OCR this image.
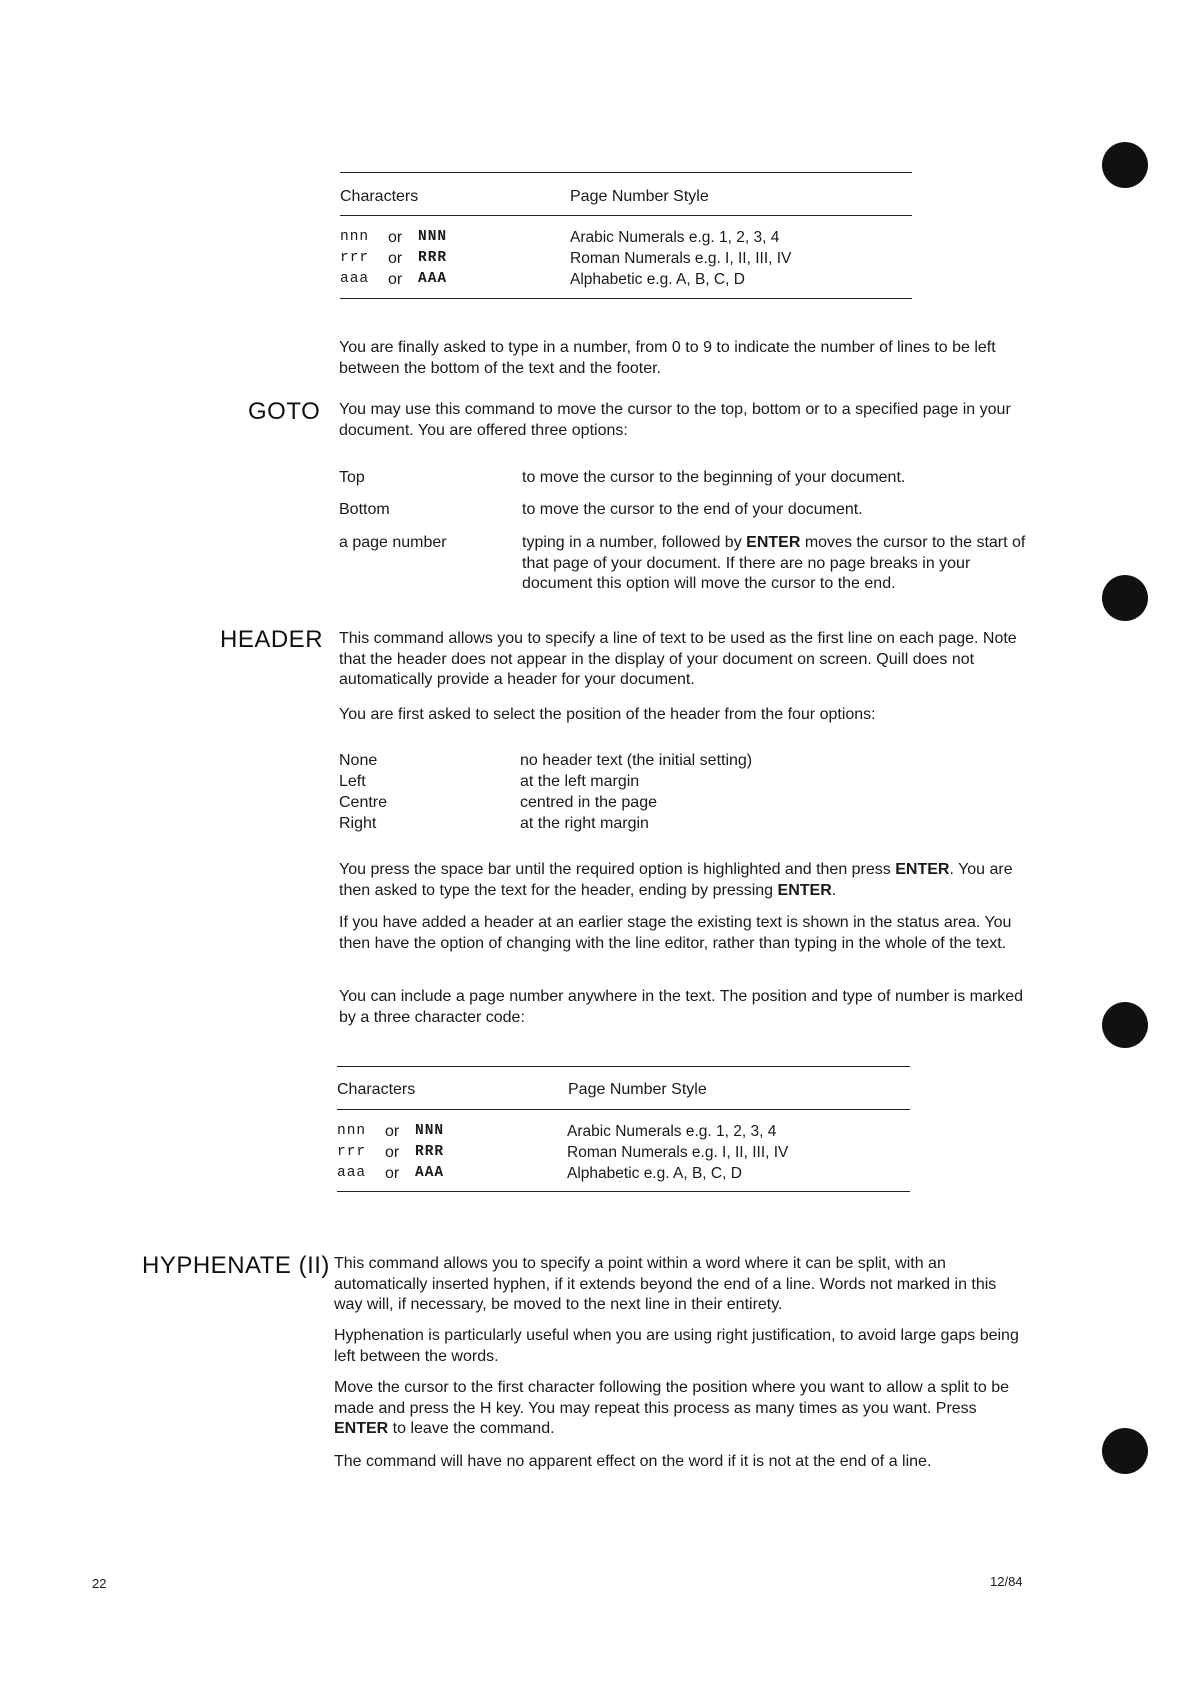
Characters	Page Number Style
nnn or NNN	Arabic Numerals e.g. 1, 2, 3, 4
rrr or RRR	Roman Numerals e.g. I, II, III, IV
aaa or AAA	Alphabetic e.g. A, B, C, D

You are finally asked to type in a number, from 0 to 9 to indicate the number of lines to be left between the bottom of the text and the footer.

GOTO You may use this command to move the cursor to the top, bottom or to a specified page in your document. You are offered three options:

Top	to move the cursor to the beginning of your document.
Bottom	to move the cursor to the end of your document.
a page number	typing in a number, followed by ENTER moves the cursor to the start of that page of your document. If there are no page breaks in your document this option will move the cursor to the end.
HEADER This command allows you to specify a line of text to be used as the first line on each page. Note that the header does not appear in the display of your document on screen. Quill does not automatically provide a header for your document.

You are first asked to select the position of the header from the four options:

None	no header text (the initial setting)
Left	at the left margin
Centre	centred in the page
Right	at the right margin

You press the space bar until the required option is highlighted and then press ENTER. You are then asked to type the text for the header, ending by pressing ENTER.

If you have added a header at an earlier stage the existing text is shown in the status area. You then have the option of changing with the line editor, rather than typing in the whole of the text.

You can include a page number anywhere in the text. The position and type of number is marked by a three character code:

Characters	Page Number Style
nnn or NNN	Arabic Numerals e.g. 1, 2, 3, 4
rrr or RRR	Roman Numerals e.g. I, II, III, IV
aaa or AAA	Alphabetic e.g. A, B, C, D
HYPHENATE (II) This command allows you to specify a point within a word where it can be split, with an automatically inserted hyphen, if it extends beyond the end of a line. Words not marked in this way will, if necessary, be moved to the next line in their entirety.

Hyphenation is particularly useful when you are using right justification, to avoid large gaps being left between the words.

Move the cursor to the first character following the position where you want to allow a split to be made and press the H key. You may repeat this process as many times as you want. Press ENTER to leave the command.

The command will have no apparent effect on the word if it is not at the end of a line.

22	12/84
